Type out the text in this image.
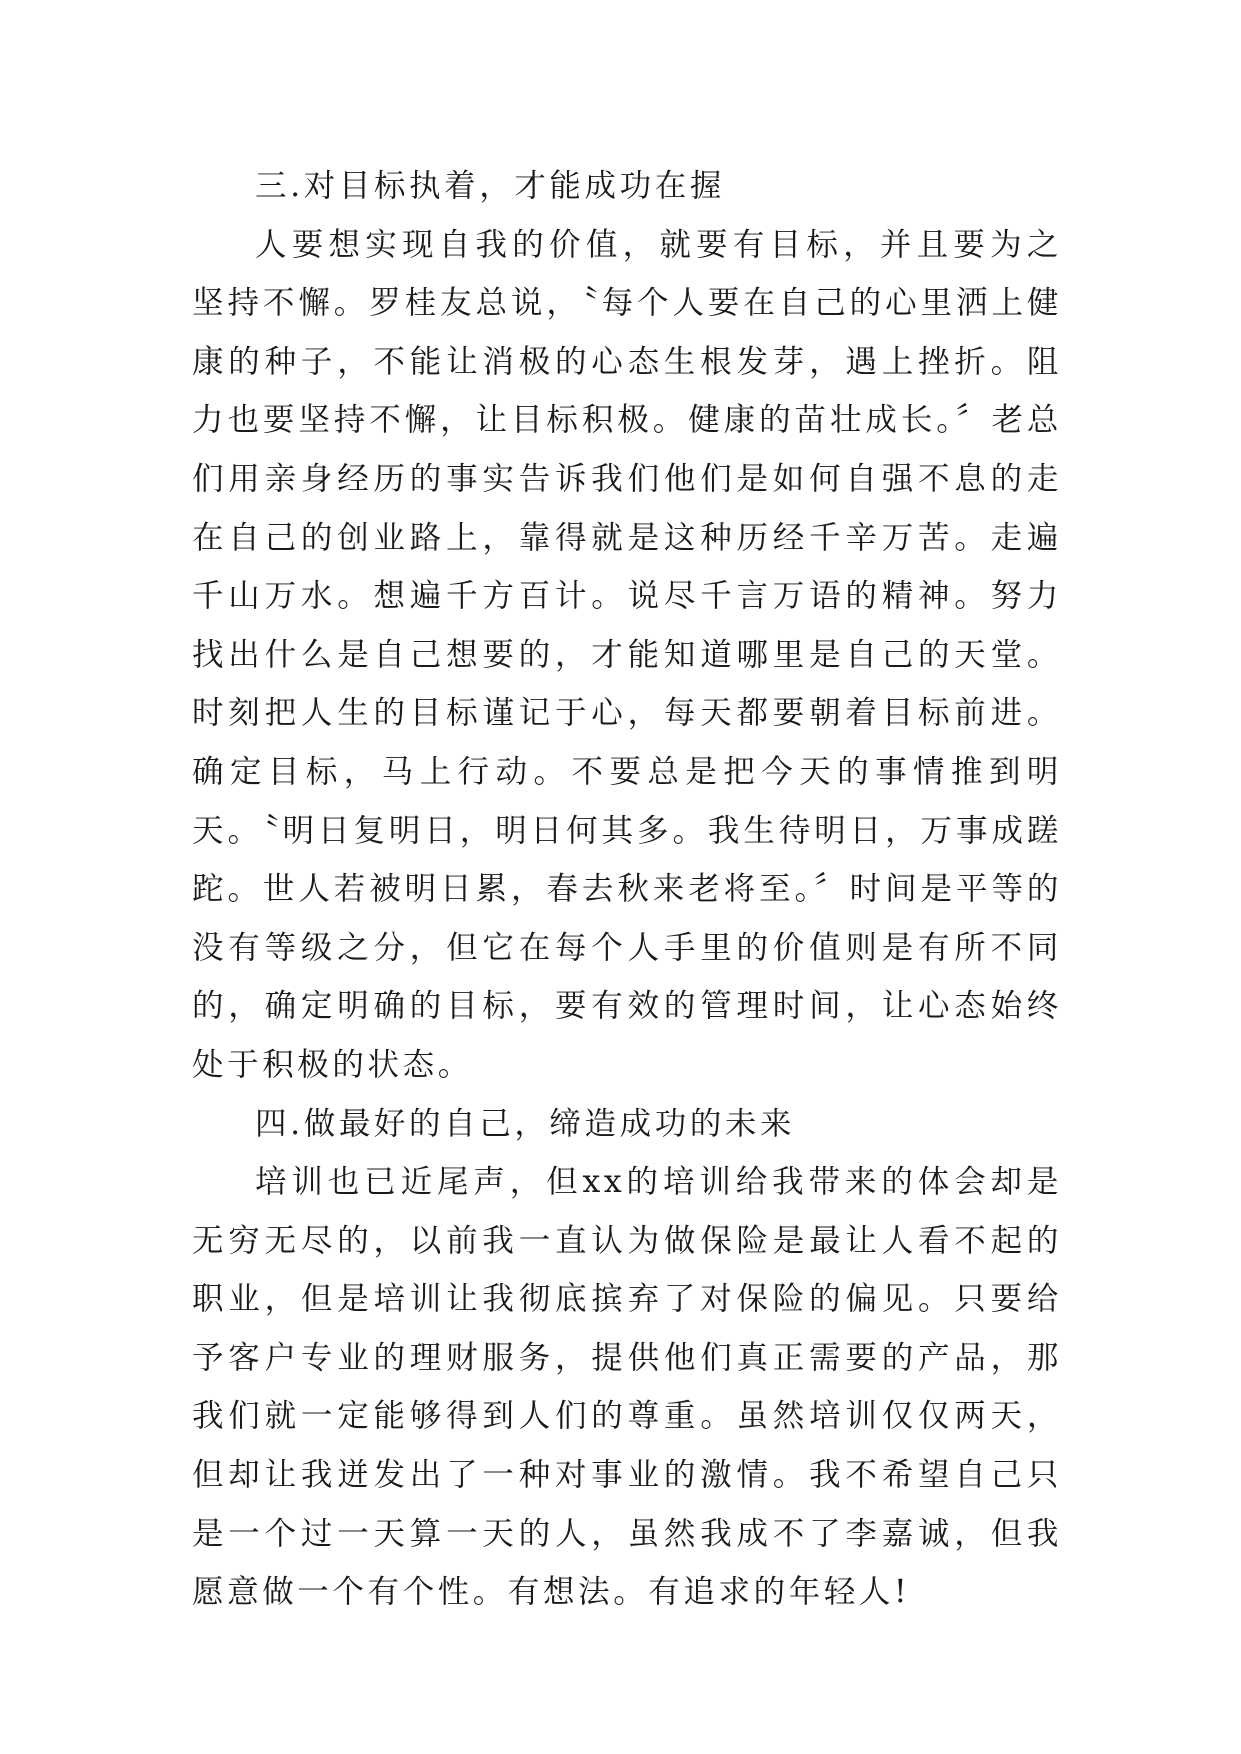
三.对目标执着，才能成功在握

人要想实现自我的价值，就要有目标，并且要为之坚持不懈。罗桂友总说，〝每个人要在自己的心里洒上健康的种子，不能让消极的心态生根发芽，遇上挫折。阻力也要坚持不懈，让目标积极。健康的苗壮成长。〞老总们用亲身经历的事实告诉我们他们是如何自强不息的走在自己的创业路上，靠得就是这种历经千辛万苦。走遍千山万水。想遍千方百计。说尽千言万语的精神。努力找出什么是自己想要的，才能知道哪里是自己的天堂。时刻把人生的目标谨记于心，每天都要朝着目标前进。确定目标，马上行动。不要总是把今天的事情推到明天。〝明日复明日，明日何其多。我生待明日，万事成蹉跎。世人若被明日累，春去秋来老将至。〞时间是平等的没有等级之分，但它在每个人手里的价值则是有所不同的，确定明确的目标，要有效的管理时间，让心态始终处于积极的状态。

四.做最好的自己，缔造成功的未来

培训也已近尾声，但xx的培训给我带来的体会却是无穷无尽的，以前我一直认为做保险是最让人看不起的职业，但是培训让我彻底摈弃了对保险的偏见。只要给予客户专业的理财服务，提供他们真正需要的产品，那我们就一定能够得到人们的尊重。虽然培训仅仅两天，但却让我迸发出了一种对事业的激情。我不希望自己只是一个过一天算一天的人，虽然我成不了李嘉诚，但我愿意做一个有个性。有想法。有追求的年轻人!
